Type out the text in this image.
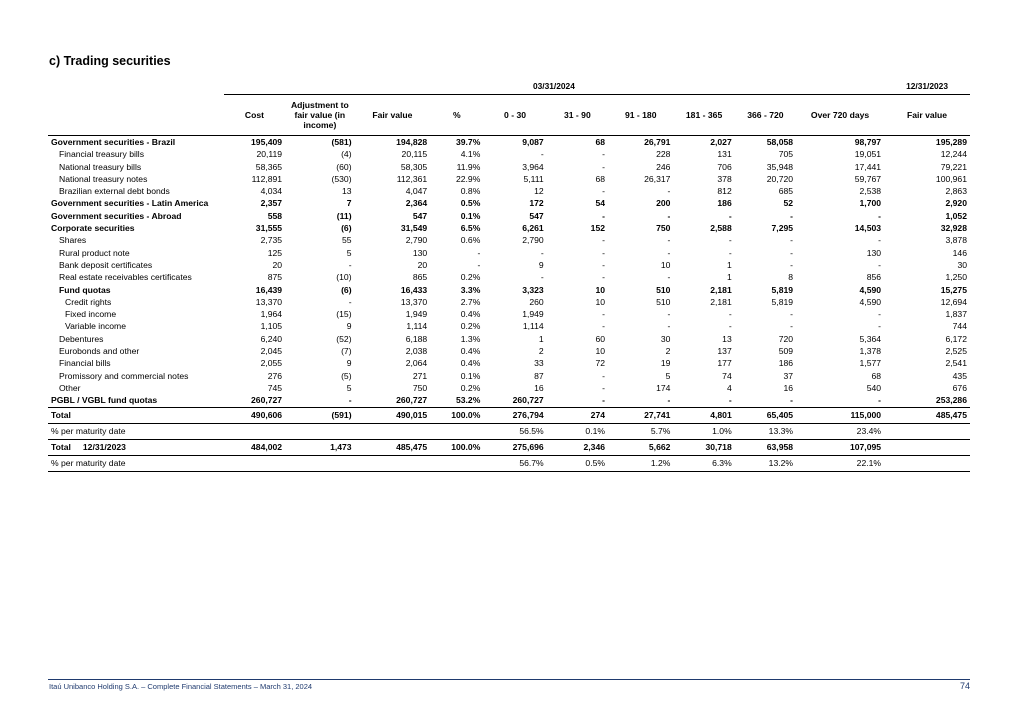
c) Trading securities
	03/31/2024										12/31/2023
	Cost	Adjustment to fair value (in income)	Fair value	%	0 - 30	31 - 90	91 - 180	181 - 365	366 - 720	Over 720 days	Fair value
Government securities - Brazil	195,409	(581)	194,828	39.7%	9,087	68	26,791	2,027	58,058	98,797	195,289
Financial treasury bills	20,119	(4)	20,115	4.1%	-	-	228	131	705	19,051	12,244
National treasury bills	58,365	(60)	58,305	11.9%	3,964	-	246	706	35,948	17,441	79,221
National treasury notes	112,891	(530)	112,361	22.9%	5,111	68	26,317	378	20,720	59,767	100,961
Brazilian external debt bonds	4,034	13	4,047	0.8%	12	-	-	812	685	2,538	2,863
Government securities - Latin America	2,357	7	2,364	0.5%	172	54	200	186	52	1,700	2,920
Government securities - Abroad	558	(11)	547	0.1%	547	-	-	-	-	-	1,052
Corporate securities	31,555	(6)	31,549	6.5%	6,261	152	750	2,588	7,295	14,503	32,928
Shares	2,735	55	2,790	0.6%	2,790	-	-	-	-	-	3,878
Rural product note	125	5	130	-	-	-	-	-	-	130	146
Bank deposit certificates	20	-	20	-	9	-	10	1	-	-	30
Real estate receivables certificates	875	(10)	865	0.2%	-	-	-	1	8	856	1,250
Fund quotas	16,439	(6)	16,433	3.3%	3,323	10	510	2,181	5,819	4,590	15,275
Credit rights	13,370	-	13,370	2.7%	260	10	510	2,181	5,819	4,590	12,694
Fixed income	1,964	(15)	1,949	0.4%	1,949	-	-	-	-	-	1,837
Variable income	1,105	9	1,114	0.2%	1,114	-	-	-	-	-	744
Debentures	6,240	(52)	6,188	1.3%	1	60	30	13	720	5,364	6,172
Eurobonds and other	2,045	(7)	2,038	0.4%	2	10	2	137	509	1,378	2,525
Financial bills	2,055	9	2,064	0.4%	33	72	19	177	186	1,577	2,541
Promissory and commercial notes	276	(5)	271	0.1%	87	-	5	74	37	68	435
Other	745	5	750	0.2%	16	-	174	4	16	540	676
PGBL / VGBL fund quotas	260,727	-	260,727	53.2%	260,727	-	-	-	-	-	253,286
Total	490,606	(591)	490,015	100.0%	276,794	274	27,741	4,801	65,405	115,000	485,475
% per maturity date					56.5%	0.1%	5.7%	1.0%	13.3%	23.4%	
Total 12/31/2023	484,002	1,473	485,475	100.0%	275,696	2,346	5,662	30,718	63,958	107,095	
% per maturity date					56.7%	0.5%	1.2%	6.3%	13.2%	22.1%	
Itaú Unibanco Holding S.A. – Complete Financial Statements – March 31, 2024	74
